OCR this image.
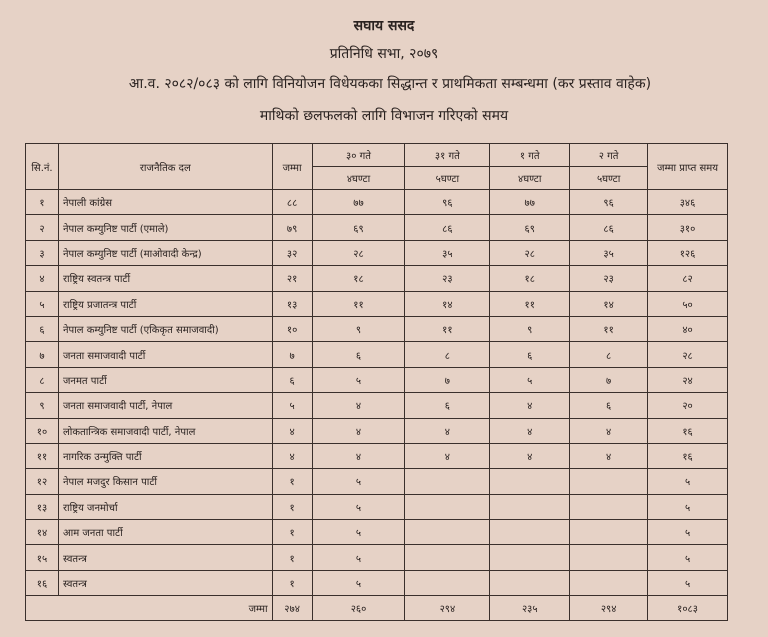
सघाय ससद
प्रतिनिधि सभा, २०७९
आ.व. २०८२/०८३ को लागि विनियोजन विधेयकका सिद्धान्त र प्राथमिकता सम्बन्धमा (कर प्रस्ताव वाहेक)
माथिको छलफलको लागि विभाजन गरिएको समय
सि.नं.	राजनैतिक दल	जम्मा	३० गते	३१ गते	१ गते	२ गते	जम्मा प्राप्त समय
			४घण्टा	५घण्टा	४घण्टा	५घण्टा	
१	नेपाली कांग्रेस	८८	७७	९६	७७	९६	३४६
२	नेपाल कम्युनिष्ट पार्टी (एमाले)	७९	६९	८६	६९	८६	३१०
३	नेपाल कम्युनिष्ट पार्टी (माओवादी केन्द्र)	३२	२८	३५	२८	३५	१२६
४	राष्ट्रिय स्वतन्त्र पार्टी	२१	१८	२३	१८	२३	८२
५	राष्ट्रिय प्रजातन्त्र पार्टी	१३	११	१४	११	१४	५०
६	नेपाल कम्युनिष्ट पार्टी (एकिकृत समाजवादी)	१०	९	११	९	११	४०
७	जनता समाजवादी पार्टी	७	६	८	६	८	२८
८	जनमत पार्टी	६	५	७	५	७	२४
९	जनता समाजवादी पार्टी, नेपाल	५	४	६	४	६	२०
१०	लोकतान्त्रिक समाजवादी पार्टी, नेपाल	४	४	४	४	४	१६
११	नागरिक उन्मुक्ति पार्टी	४	४	४	४	४	१६
१२	नेपाल मजदुर किसान पार्टी	१	५				५
१३	राष्ट्रिय जनमोर्चा	१	५				५
१४	आम जनता पार्टी	१	५				५
१५	स्वतन्त्र	१	५				५
१६	स्वतन्त्र	१	५				५
जम्मा		२७४	२६०	२९४	२३५	२९४	१०८३
